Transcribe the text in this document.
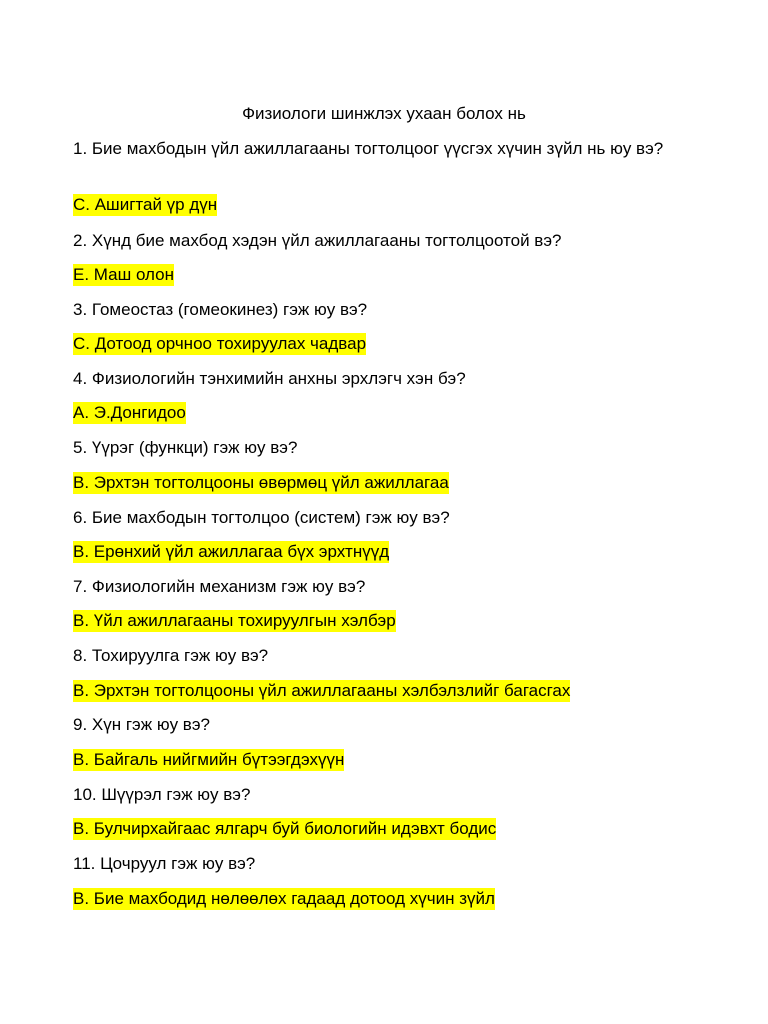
Физиологи шинжлэх ухаан болох нь

1. Бие махбодын үйл ажиллагааны тогтолцоог үүсгэх хүчин зүйл нь юу вэ?

C. Ашигтай үр дүн

2. Хүнд бие махбод хэдэн үйл ажиллагааны тогтолцоотой вэ?

E. Маш олон

3. Гомеостаз (гомеокинез) гэж юу вэ?

C. Дотоод орчноо тохируулах чадвар

4. Физиологийн тэнхимийн анхны эрхлэгч хэн бэ?

A. Э.Донгидоо

5. Үүрэг (функци) гэж юу вэ?

B. Эрхтэн тогтолцооны өвөрмөц үйл ажиллагаа

6. Бие махбодын тогтолцоо (систем) гэж юу вэ?

B. Ерөнхий үйл ажиллагаа бүх эрхтнүүд

7. Физиологийн механизм гэж юу вэ?

B. Үйл ажиллагааны тохируулгын хэлбэр

8. Тохируулга гэж юу вэ?

B. Эрхтэн тогтолцооны үйл ажиллагааны хэлбэлзлийг багасгах

9. Хүн гэж юу вэ?

B. Байгаль нийгмийн бүтээгдэхүүн

10. Шүүрэл гэж юу вэ?

B. Булчирхайгаас ялгарч буй биологийн идэвхт бодис

11. Цочруул гэж юу вэ?

B. Бие махбодид нөлөөлөх гадаад дотоод хүчин зүйл
